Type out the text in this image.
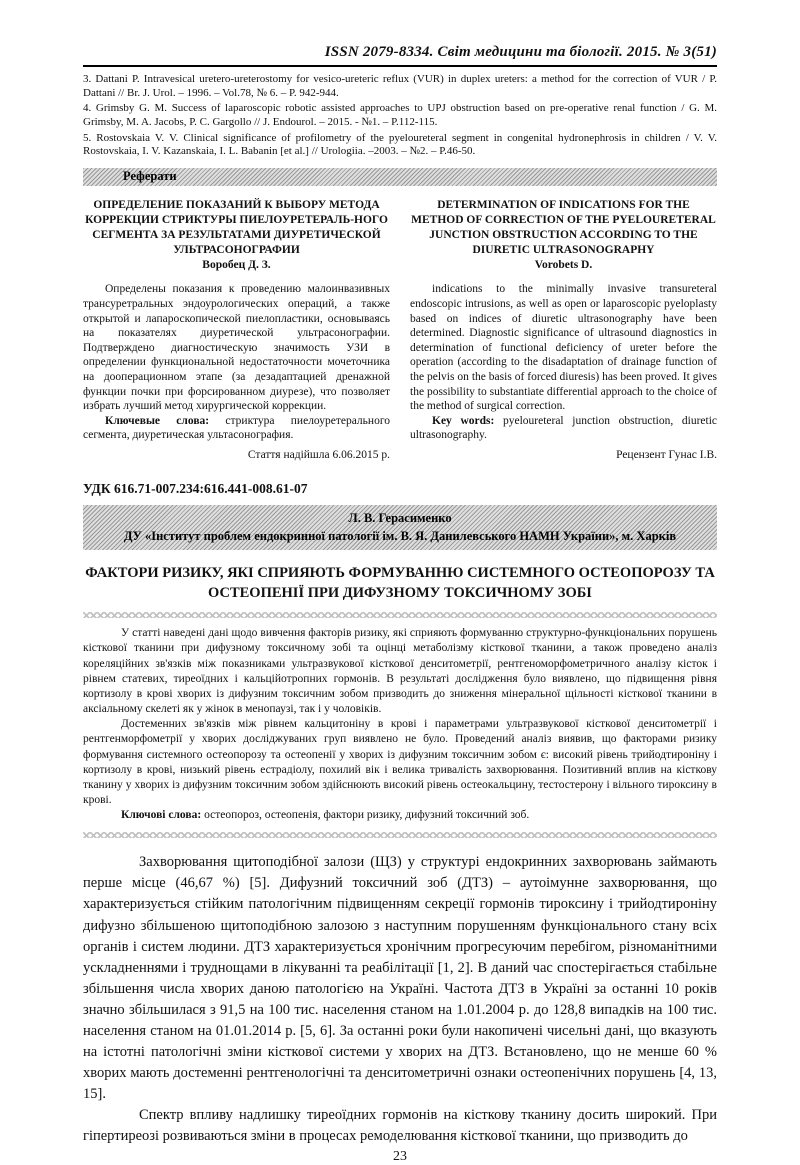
ISSN 2079-8334. Світ медицини та біології. 2015. № 3(51)

3. Dattani P. Intravesical uretero-ureterostomy for vesico-ureteric reflux (VUR) in duplex ureters: a method for the correction of VUR / P. Dattani // Br. J. Urol. – 1996. – Vol.78, № 6. – P. 942-944.

4. Grimsby G. M. Success of laparoscopic robotic assisted approaches to UPJ obstruction based on pre-operative renal function / G. M. Grimsby, M. A. Jacobs, P. C. Gargollo // J. Endourol. – 2015. - №1. – P.112-115.

5. Rostovskaia V. V. Clinical significance of profilometry of the pyeloureteral segment in congenital hydronephrosis in children / V. V. Rostovskaia, I. V. Kazanskaia, I. L. Babanin [et al.] // Urologiia. –2003. – №2. – P.46-50.

Реферати
ОПРЕДЕЛЕНИЕ ПОКАЗАНИЙ К ВЫБОРУ МЕТОДА КОРРЕКЦИИ СТРИКТУРЫ ПИЕЛОУРЕТЕРАЛЬ-НОГО СЕГМЕНТА ЗА РЕЗУЛЬТАТАМИ ДИУРЕТИЧЕСКОЙ УЛЬТРАСОНОГРАФИИ
Воробец Д. З.

Определены показания к проведению малоинвазивных трансуретральных эндоурологических операций, а также открытой и лапароскопической пиелопластики, основываясь на показателях диуретической ультрасонографии. Подтверждено диагностическую значимость УЗИ в определении функциональной недостаточности мочеточника на дооперационном этапе (за дезадаптацией дренажной функции почки при форсированном диурезе), что позволяет избрать лучший метод хирургической коррекции.

Ключевые слова: стриктура пиелоуретерального сегмента, диуретическая ультасонография.

Стаття надійшла 6.06.2015 р.
DETERMINATION OF INDICATIONS FOR THE METHOD OF CORRECTION OF THE PYELOURETERAL JUNCTION OBSTRUCTION ACCORDING TO THE DIURETIC ULTRASONOGRAPHY
Vorobets D.

indications to the minimally invasive transureteral endoscopic intrusions, as well as open or laparoscopic pyeloplasty based on indices of diuretic ultrasonography have been determined. Diagnostic significance of ultrasound diagnostics in determination of functional deficiency of ureter before the operation (according to the disadaptation of drainage function of the pelvis on the basis of forced diuresis) has been proved. It gives the possibility to substantiate differential approach to the choice of the method of surgical correction.

Key words: pyeloureteral junction obstruction, diuretic ultrasonography.

Рецензент Гунас І.В.
УДК 616.71-007.234:616.441-008.61-07
Л. В. Герасименко
ДУ «Інститут проблем ендокринної патології ім. В. Я. Данилевського НАМН України», м. Харків
ФАКТОРИ РИЗИКУ, ЯКІ СПРИЯЮТЬ ФОРМУВАННЮ СИСТЕМНОГО ОСТЕОПОРОЗУ ТА ОСТЕОПЕНІЇ ПРИ ДИФУЗНОМУ ТОКСИЧНОМУ ЗОБІ

У статті наведені дані щодо вивчення факторів ризику, які сприяють формуванню структурно-функціональних порушень кісткової тканини при дифузному токсичному зобі та оцінці метаболізму кісткової тканини, а також проведено аналіз кореляційних зв'язків між показниками ультразвукової кісткової денситометрії, рентгеноморфометричного аналізу кісток і рівнем статевих, тиреоїдних і кальційотропних гормонів. В результаті дослідження було виявлено, що підвищення рівня кортизолу в крові хворих із дифузним токсичним зобом призводить до зниження мінеральної щільності кісткової тканини в аксіальному скелеті як у жінок в менопаузі, так і у чоловіків.

Достеменних зв'язків між рівнем кальцитоніну в крові і параметрами ультразвукової кісткової денситометрії і рентгенморфометрії у хворих досліджуваних груп виявлено не було. Проведений аналіз виявив, що факторами ризику формування системного остеопорозу та остеопенії у хворих із дифузним токсичним зобом є: високий рівень трийодтироніну і кортизолу в крові, низький рівень естрадіолу, похилий вік і велика тривалість захворювання. Позитивний вплив на кісткову тканину у хворих із дифузним токсичним зобом здійснюють високий рівень остеокальцину, тестостерону і вільного тироксину в крові.

Ключові слова: остеопороз, остеопенія, фактори ризику, дифузний токсичний зоб.

Захворювання щитоподібної залози (ЩЗ) у структурі ендокринних захворювань займають перше місце (46,67 %) [5]. Дифузний токсичний зоб (ДТЗ) – аутоімунне захворювання, що характеризується стійким патологічним підвищенням секреції гормонів тироксину і трийодтироніну дифузно збільшеною щитоподібною залозою з наступним порушенням функціонального стану всіх органів і систем людини. ДТЗ характеризується хронічним прогресуючим перебігом, різноманітними ускладненнями і труднощами в лікуванні та реабілітації [1, 2]. В даний час спостерігається стабільне збільшення числа хворих даною патологією на Україні. Частота ДТЗ в Україні за останні 10 років значно збільшилася з 91,5 на 100 тис. населення станом на 1.01.2004 р. до 128,8 випадків на 100 тис. населення станом на 01.01.2014 р. [5, 6]. За останні роки були накопичені чисельні дані, що вказують на істотні патологічні зміни кісткової системи у хворих на ДТЗ. Встановлено, що не менше 60 % хворих мають достеменні рентгенологічні та денситометричні ознаки остеопенічних порушень [4, 13, 15].

Спектр впливу надлишку тиреоїдних гормонів на кісткову тканину досить широкий. При гіпертиреозі розвиваються зміни в процесах ремоделювання кісткової тканини, що призводить до

23
